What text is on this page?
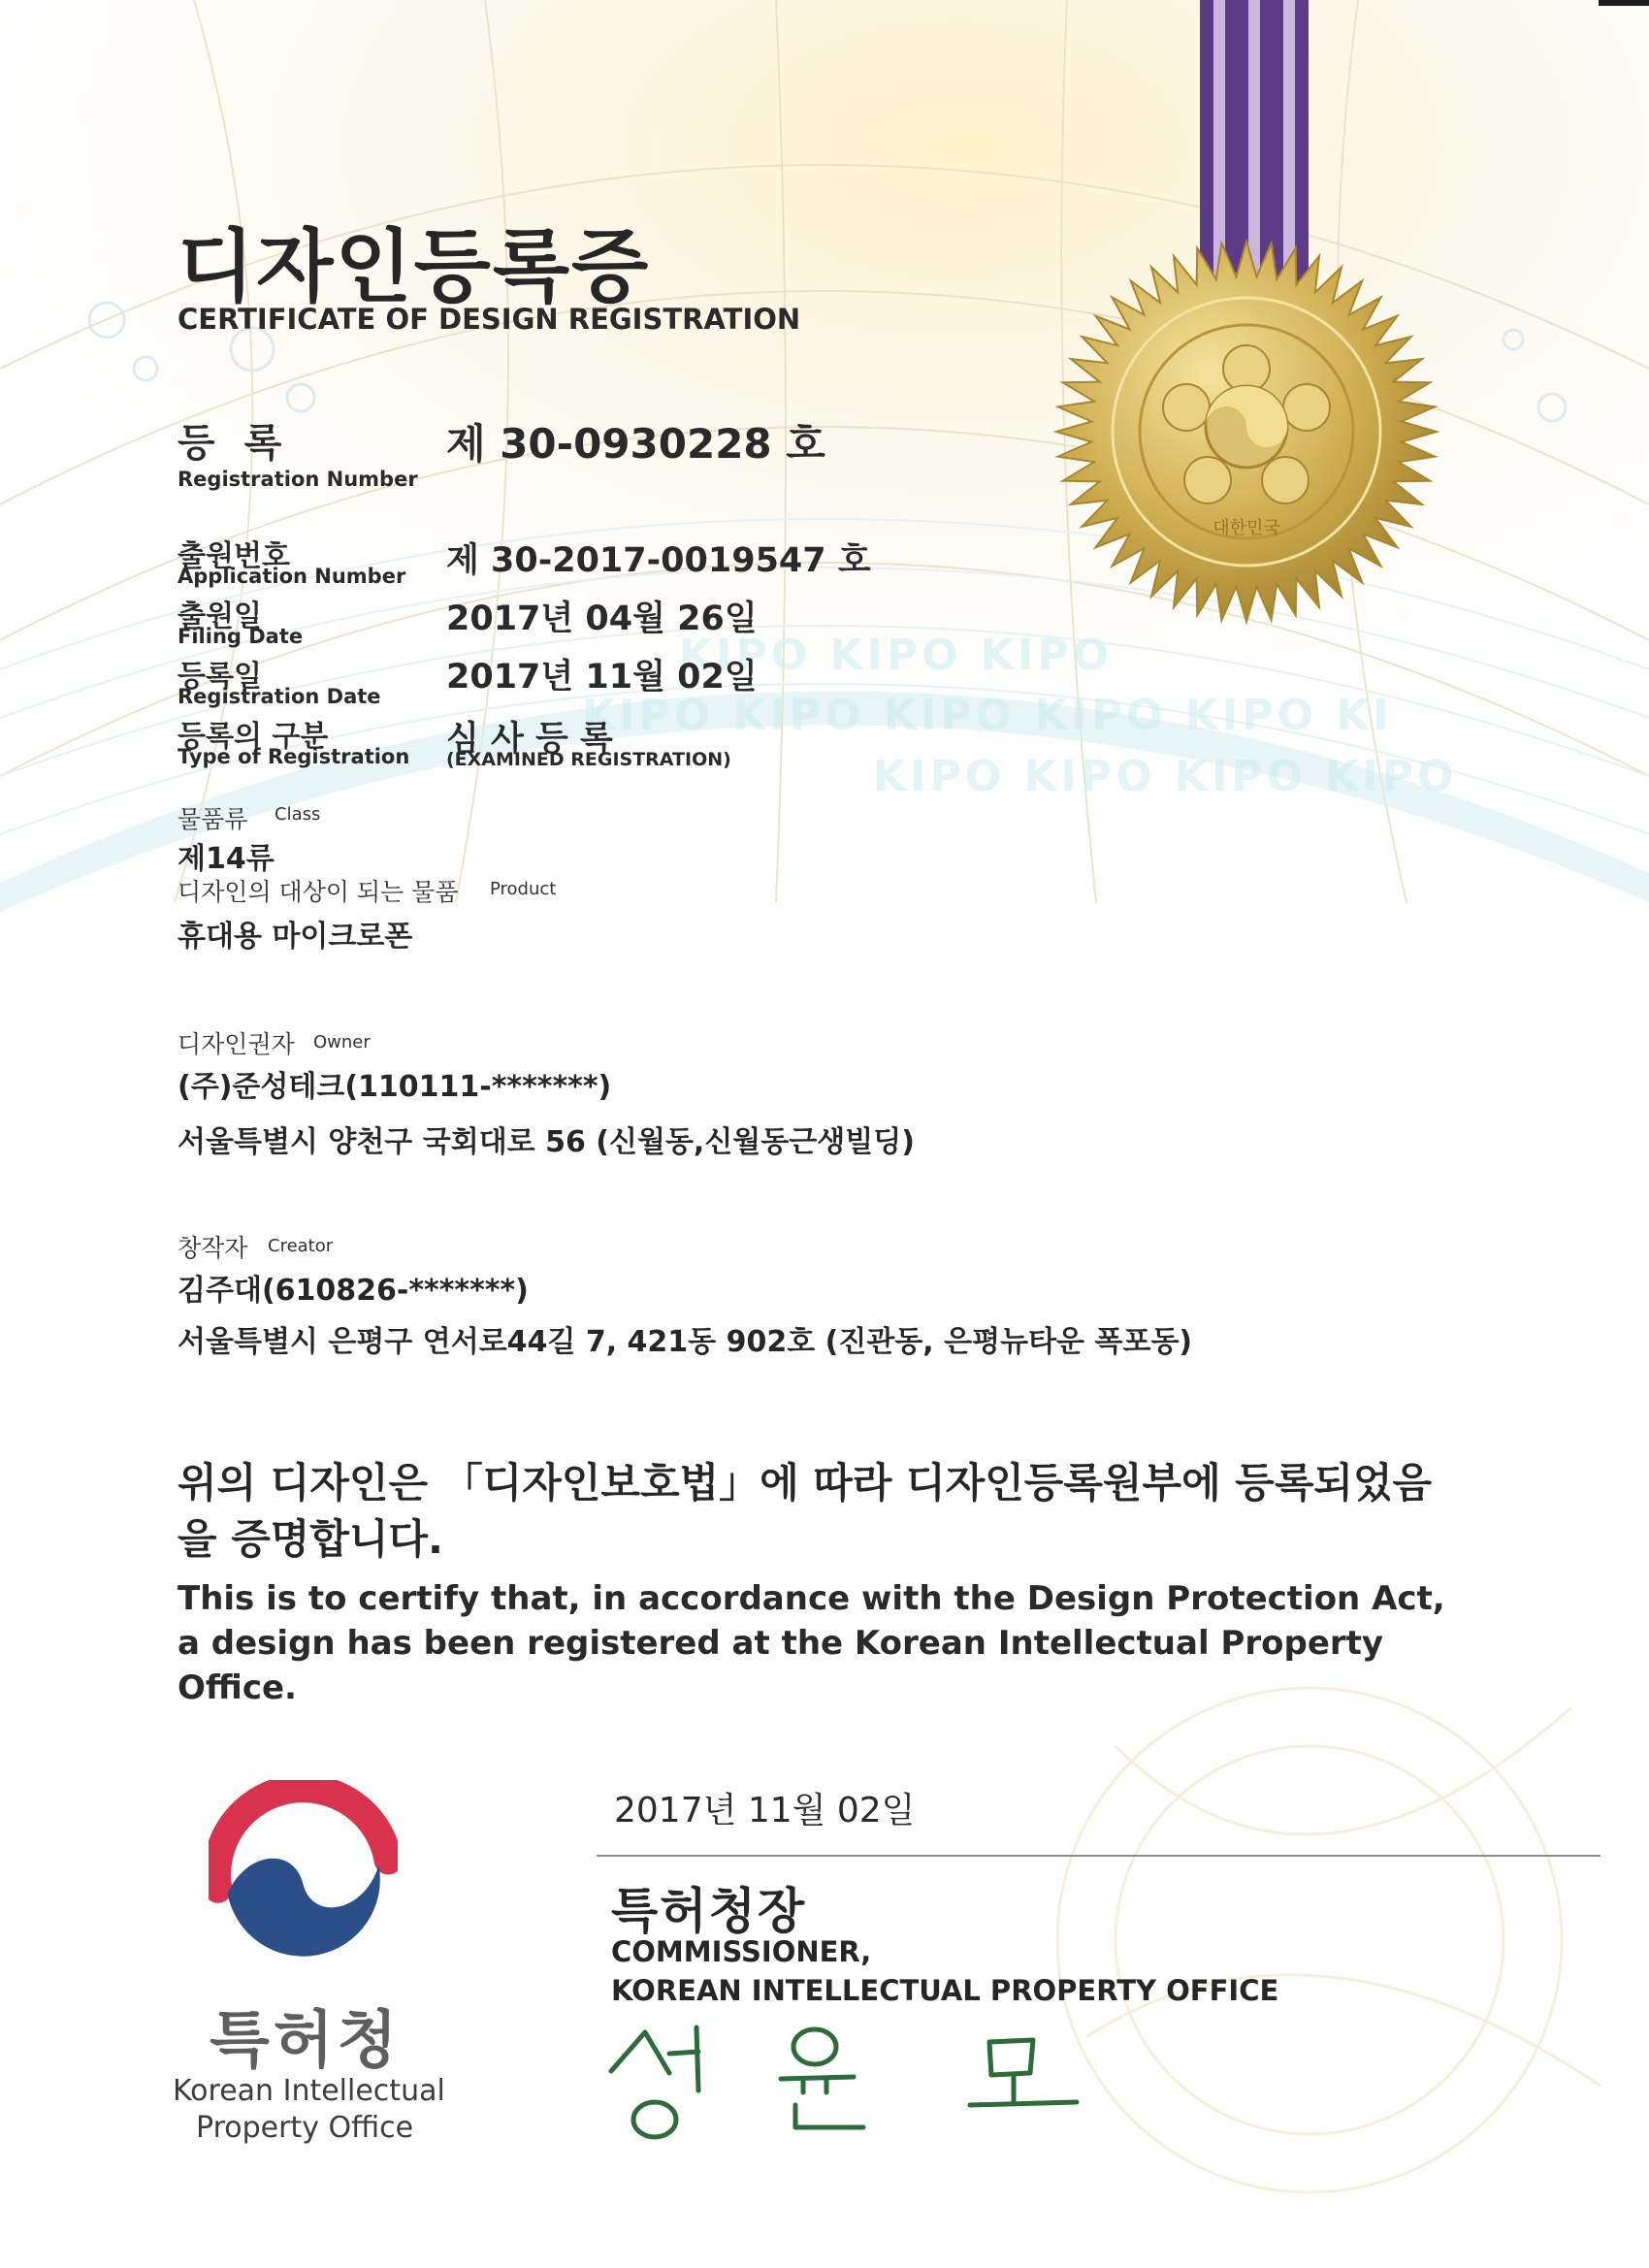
대한민국
KIPO KIPO KIPO
KIPO KIPO KIPO KIPO KIPO KI
KIPO KIPO KIPO KIPO
디자인등록증
CERTIFICATE OF DESIGN REGISTRATION
등 록
Registration Number
제 30-0930228 호
출원번호
Application Number 제 30-2017-0019547 호
출원일
Filing Date	2017년 04월 26일
등록일
Registration Date 2017년 11월 02일
등록의 구분
Type of Registration 심 사 등 록
(EXAMINED REGISTRATION)
물품류 Class
제14류
디자인의 대상이 되는 물품 Product
휴대용 마이크로폰
디자인권자 Owner
(주)준성테크(110111-*******)
서울특별시 양천구 국회대로 56 (신월동,신월동근생빌딩)
창작자 Creator
김주대(610826-*******)
서울특별시 은평구 연서로44길 7, 421동 902호 (진관동, 은평뉴타운 폭포동)
위의 디자인은 「디자인보호법」에 따라 디자인등록원부에 등록되었음을 증명합니다.
This is to certify that, in accordance with the Design Protection Act, a design has been registered at the Korean Intellectual Property Office.
특허청
Korean Intellectual
Property Office
2017년 11월 02일
특허청장
COMMISSIONER,
KOREAN INTELLECTUAL PROPERTY OFFICE
